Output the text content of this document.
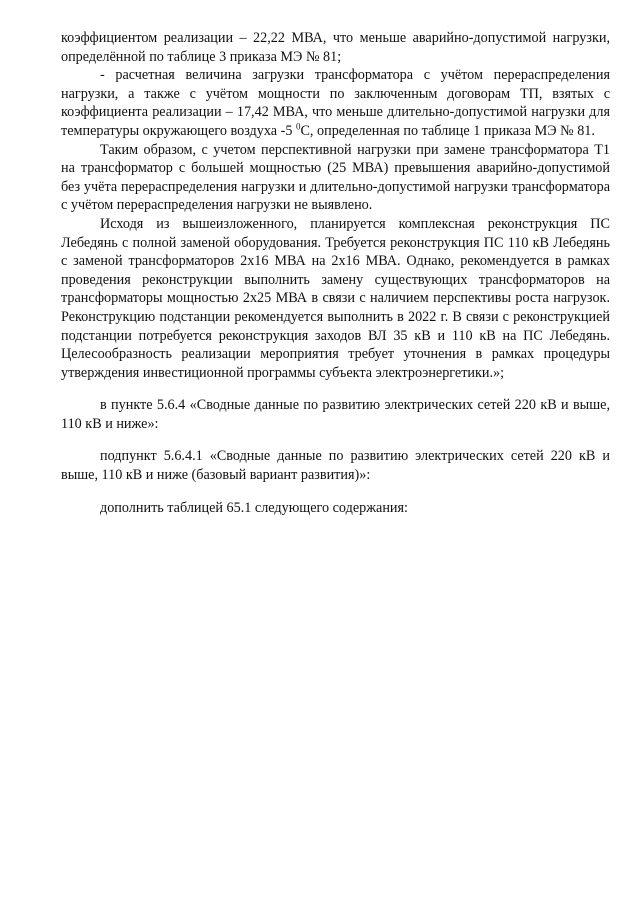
коэффициентом реализации – 22,22 МВА, что меньше аварийно-допустимой нагрузки, определённой по таблице 3 приказа МЭ № 81;

- расчетная величина загрузки трансформатора с учётом перераспределения нагрузки, а также с учётом мощности по заключенным договорам ТП, взятых с коэффициента реализации – 17,42 МВА, что меньше длительно-допустимой нагрузки для температуры окружающего воздуха -5 $^0$С, определенная по таблице 1 приказа МЭ № 81.

Таким образом, с учетом перспективной нагрузки при замене трансформатора Т1 на трансформатор с большей мощностью (25 МВА) превышения аварийно-допустимой без учёта перераспределения нагрузки и длительно-допустимой нагрузки трансформатора с учётом перераспределения нагрузки не выявлено.

Исходя из вышеизложенного, планируется комплексная реконструкция ПС Лебедянь с полной заменой оборудования. Требуется реконструкция ПС 110 кВ Лебедянь с заменой трансформаторов 2х16 МВА на 2х16 МВА. Однако, рекомендуется в рамках проведения реконструкции выполнить замену существующих трансформаторов на трансформаторы мощностью 2х25 МВА в связи с наличием перспективы роста нагрузок. Реконструкцию подстанции рекомендуется выполнить в 2022 г. В связи с реконструкцией подстанции потребуется реконструкция заходов ВЛ 35 кВ и 110 кВ на ПС Лебедянь. Целесообразность реализации мероприятия требует уточнения в рамках процедуры утверждения инвестиционной программы субъекта электроэнергетики.»;

в пункте 5.6.4 «Сводные данные по развитию электрических сетей 220 кВ и выше, 110 кВ и ниже»:

подпункт 5.6.4.1 «Сводные данные по развитию электрических сетей 220 кВ и выше, 110 кВ и ниже (базовый вариант развития)»:

дополнить таблицей 65.1 следующего содержания:
